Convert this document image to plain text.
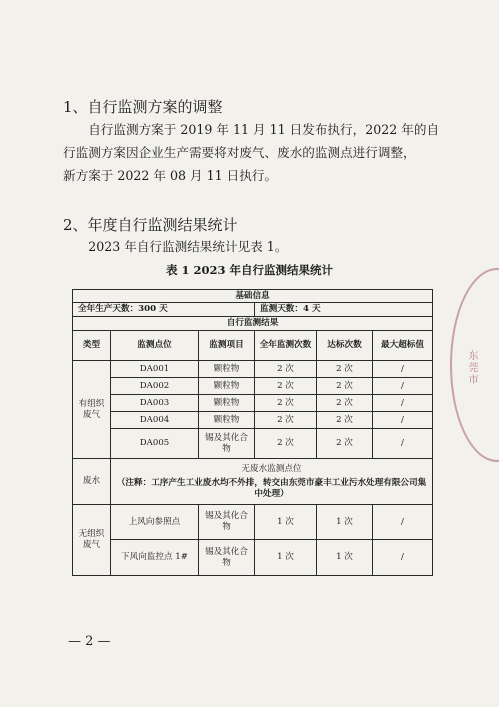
1、自行监测方案的调整
自行监测方案于 2019 年 11 月 11 日发布执行，2022 年的自
行监测方案因企业生产需要将对废气、废水的监测点进行调整，
新方案于 2022 年 08 月 11 日执行。
2、年度自行监测结果统计
2023 年自行监测结果统计见表 1。
表 1 2023 年自行监测结果统计
基础信息					
全年生产天数：300 天			监测天数：4 天		
自行监测结果					
类型	监测点位	监测项目	全年监测次数	达标次数	最大超标值
有组织废气	DA001	颗粒物	2 次	2 次	/
	DA002	颗粒物	2 次	2 次	/
	DA003	颗粒物	2 次	2 次	/
	DA004	颗粒物	2 次	2 次	/
	DA005	锡及其化合物	2 次	2 次	/
废水	无废水监测点位
（注释：工序产生工业废水均不外排，转交由东莞市豪丰工业污水处理有限公司集中处理）				

无组织废气	上风向参照点	锡及其化合物	1 次	1 次	/
	下风向监控点 1#	锡及其化合物	1 次	1 次	/
东莞市
— 2 —
